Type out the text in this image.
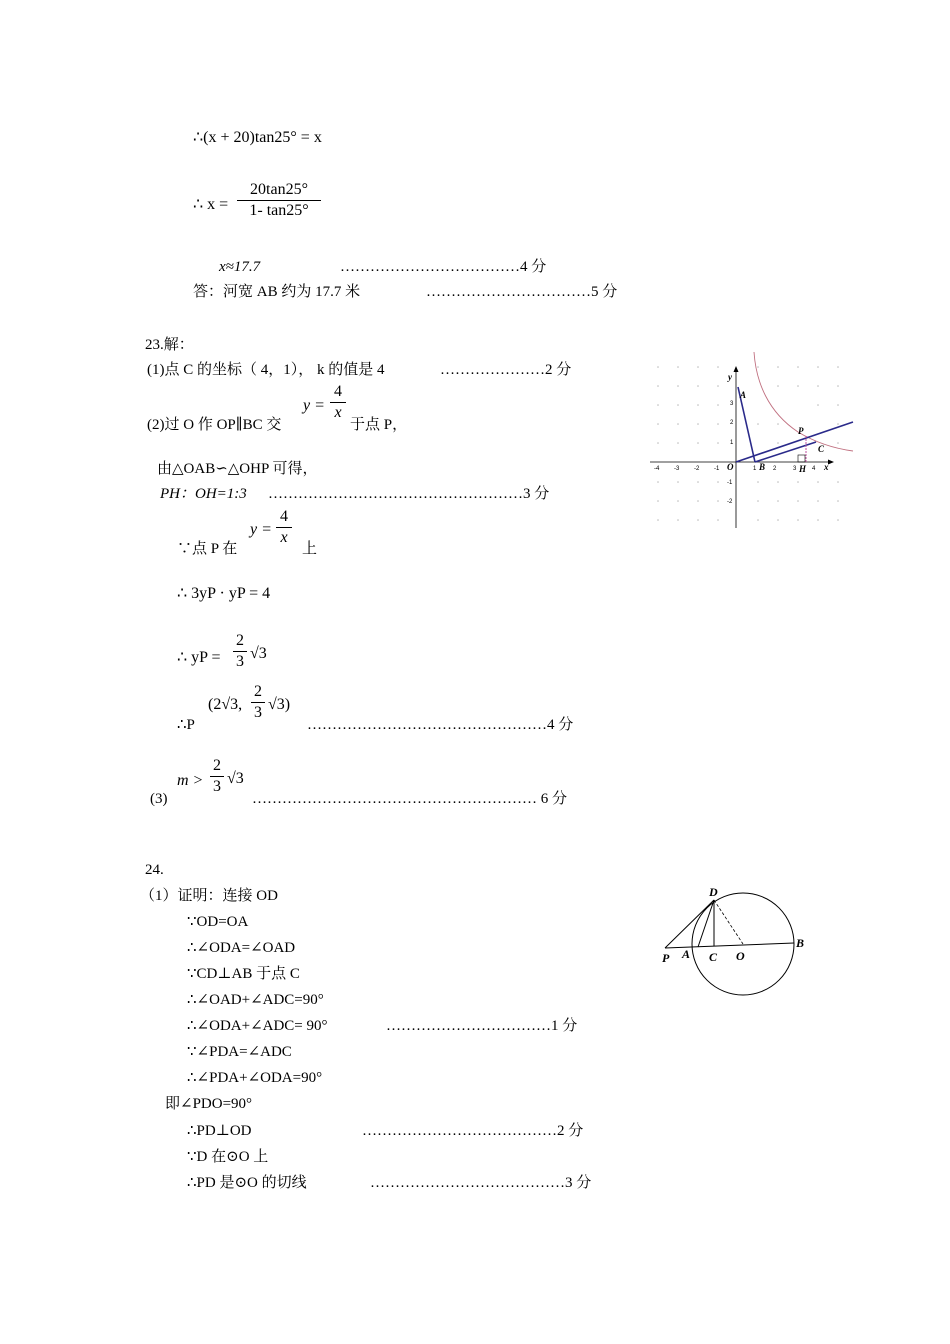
∴(x + 20)tan25° = x
∴ x =
20tan25°
1- tan25°
x≈17.7	………………………………4 分
答：河宽 AB 约为 17.7 米	……………………………5 分
23.解：
(1)点 C 的坐标（ 4，1）， k 的值是 4	…………………2 分
(2)过 O 作 OP∥BC 交
y =
4
x
于点 P，
由△OAB∽△OHP 可得，
PH：OH=1:3 ……………………………………………3 分
∵点 P 在
y =
4
x
上
∴ 3yP · yP = 4
∴ yP =
2
3 √3
∴P
(2√3,
2
3 √3)
…………………………………………4 分
(3)
m >
2
3 √3
………………………………………………… 6 分
A
B
P
C
H
O	x
y
-4 -3 -2 -1	1	2	3	4
3
2
1
-1
-2
24.
（1）证明：连接 OD
∵OD=OA
∴∠ODA=∠OAD
∵CD⊥AB 于点 C
∴∠OAD+∠ADC=90°
∴∠ODA+∠ADC= 90°	……………………………1 分
∵∠PDA=∠ADC
∴∠PDA+∠ODA=90°
即∠PDO=90°
∴PD⊥OD	…………………………………2 分
∵D 在⊙O 上
∴PD 是⊙O 的切线	…………………………………3 分
D
B
P A C O
